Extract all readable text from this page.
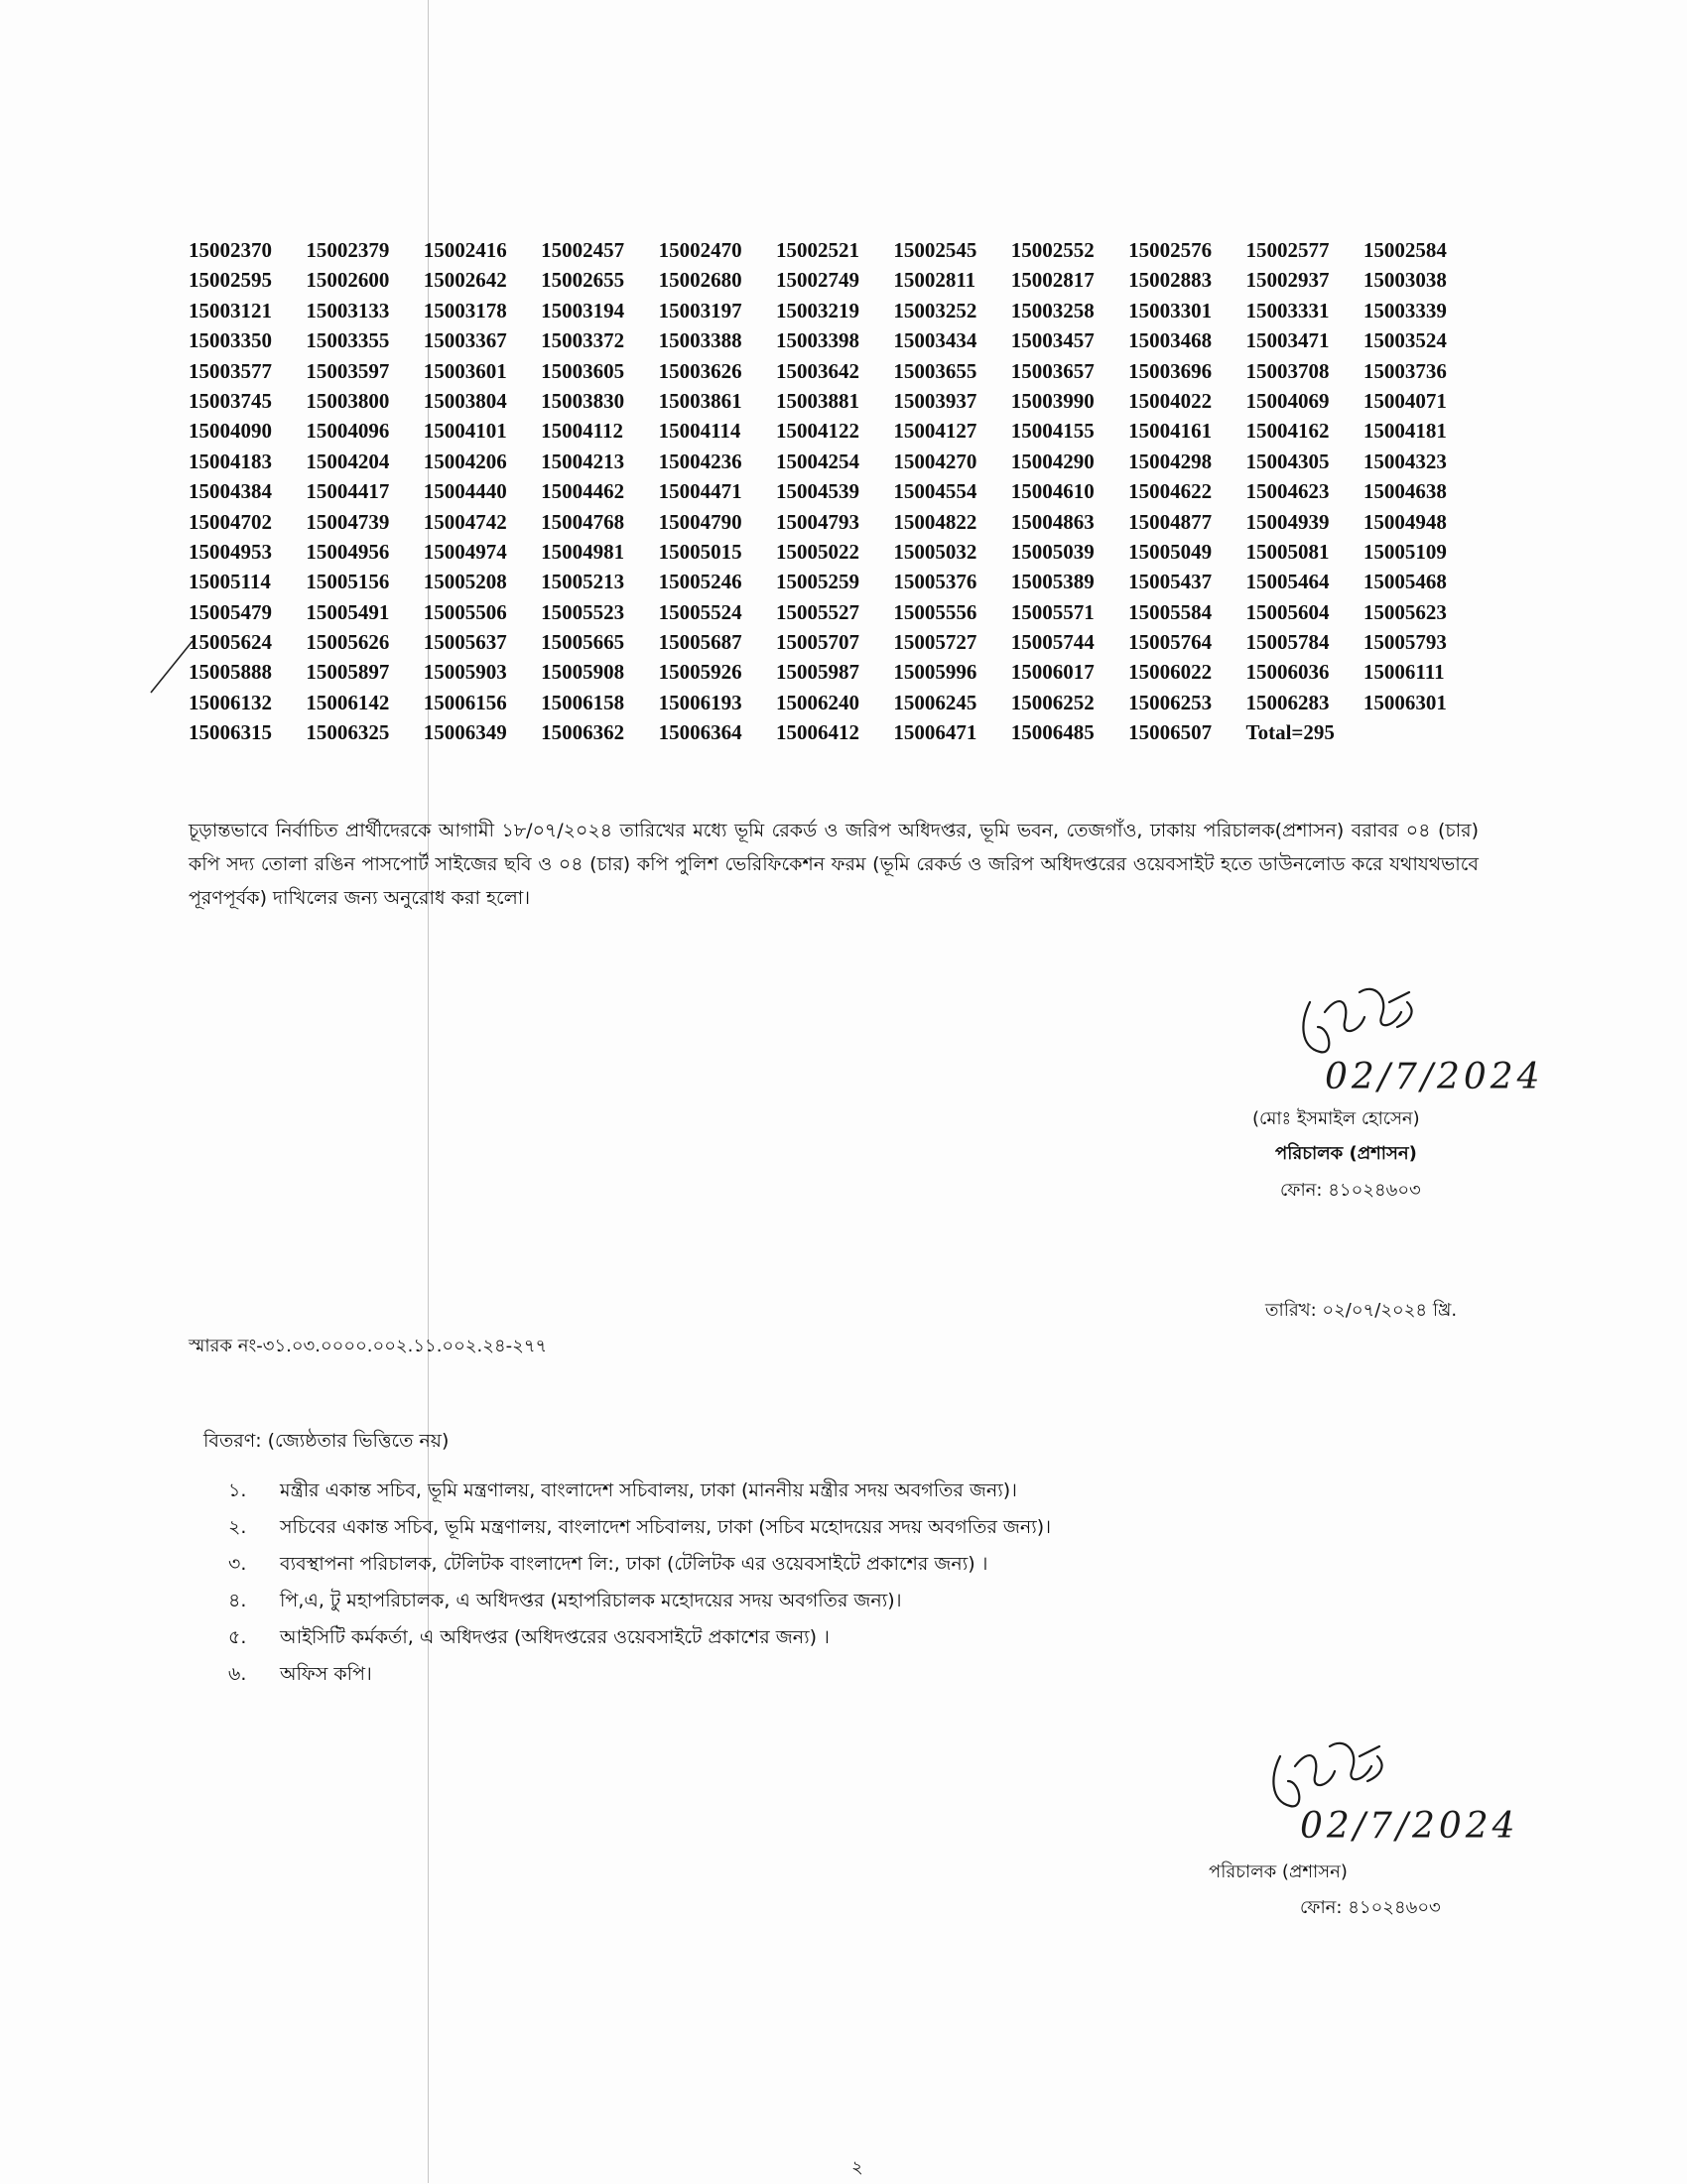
15002370	15002379	15002416	15002457	15002470	15002521	15002545	15002552	15002576	15002577	15002584
15002595	15002600	15002642	15002655	15002680	15002749	15002811	15002817	15002883	15002937	15003038
15003121	15003133	15003178	15003194	15003197	15003219	15003252	15003258	15003301	15003331	15003339
15003350	15003355	15003367	15003372	15003388	15003398	15003434	15003457	15003468	15003471	15003524
15003577	15003597	15003601	15003605	15003626	15003642	15003655	15003657	15003696	15003708	15003736
15003745	15003800	15003804	15003830	15003861	15003881	15003937	15003990	15004022	15004069	15004071
15004090	15004096	15004101	15004112	15004114	15004122	15004127	15004155	15004161	15004162	15004181
15004183	15004204	15004206	15004213	15004236	15004254	15004270	15004290	15004298	15004305	15004323
15004384	15004417	15004440	15004462	15004471	15004539	15004554	15004610	15004622	15004623	15004638
15004702	15004739	15004742	15004768	15004790	15004793	15004822	15004863	15004877	15004939	15004948
15004953	15004956	15004974	15004981	15005015	15005022	15005032	15005039	15005049	15005081	15005109
15005114	15005156	15005208	15005213	15005246	15005259	15005376	15005389	15005437	15005464	15005468
15005479	15005491	15005506	15005523	15005524	15005527	15005556	15005571	15005584	15005604	15005623
15005624	15005626	15005637	15005665	15005687	15005707	15005727	15005744	15005764	15005784	15005793
15005888	15005897	15005903	15005908	15005926	15005987	15005996	15006017	15006022	15006036	15006111
15006132	15006142	15006156	15006158	15006193	15006240	15006245	15006252	15006253	15006283	15006301
15006315	15006325	15006349	15006362	15006364	15006412	15006471	15006485	15006507	Total=295

চূড়ান্তভাবে নির্বাচিত প্রার্থীদেরকে আগামী ১৮/০৭/২০২৪ তারিখের মধ্যে ভূমি রেকর্ড ও জরিপ অধিদপ্তর, ভূমি ভবন, তেজগাঁও, ঢাকায় পরিচালক(প্রশাসন) বরাবর ০৪ (চার) কপি সদ্য তোলা রঙিন পাসপোর্ট সাইজের ছবি ও ০৪ (চার) কপি পুলিশ ভেরিফিকেশন ফরম (ভূমি রেকর্ড ও জরিপ অধিদপ্তরের ওয়েবসাইট হতে ডাউনলোড করে যথাযথভাবে পূরণপূর্বক) দাখিলের জন্য অনুরোধ করা হলো।

02/7/2024
(মোঃ ইসমাইল হোসেন)
পরিচালক (প্রশাসন)
ফোন: ৪১০২৪৬০৩
তারিখ: ০২/০৭/২০২৪ খ্রি.
স্মারক নং-৩১.০৩.০০০০.০০২.১১.০০২.২৪-২৭৭
বিতরণ: (জ্যেষ্ঠতার ভিত্তিতে নয়)
১.	মন্ত্রীর একান্ত সচিব, ভূমি মন্ত্রণালয়, বাংলাদেশ সচিবালয়, ঢাকা (মাননীয় মন্ত্রীর সদয় অবগতির জন্য)।
২.	সচিবের একান্ত সচিব, ভূমি মন্ত্রণালয়, বাংলাদেশ সচিবালয়, ঢাকা (সচিব মহোদয়ের সদয় অবগতির জন্য)।
৩.	ব্যবস্থাপনা পরিচালক, টেলিটক বাংলাদেশ লি:, ঢাকা (টেলিটক এর ওয়েবসাইটে প্রকাশের জন্য) ।
৪.	পি,এ, টু মহাপরিচালক, এ অধিদপ্তর (মহাপরিচালক মহোদয়ের সদয় অবগতির জন্য)।
৫.	আইসিটি কর্মকর্তা, এ অধিদপ্তর (অধিদপ্তরের ওয়েবসাইটে প্রকাশের জন্য) ।
৬.	অফিস কপি।
02/7/2024
পরিচালক (প্রশাসন)
ফোন: ৪১০২৪৬০৩
২
